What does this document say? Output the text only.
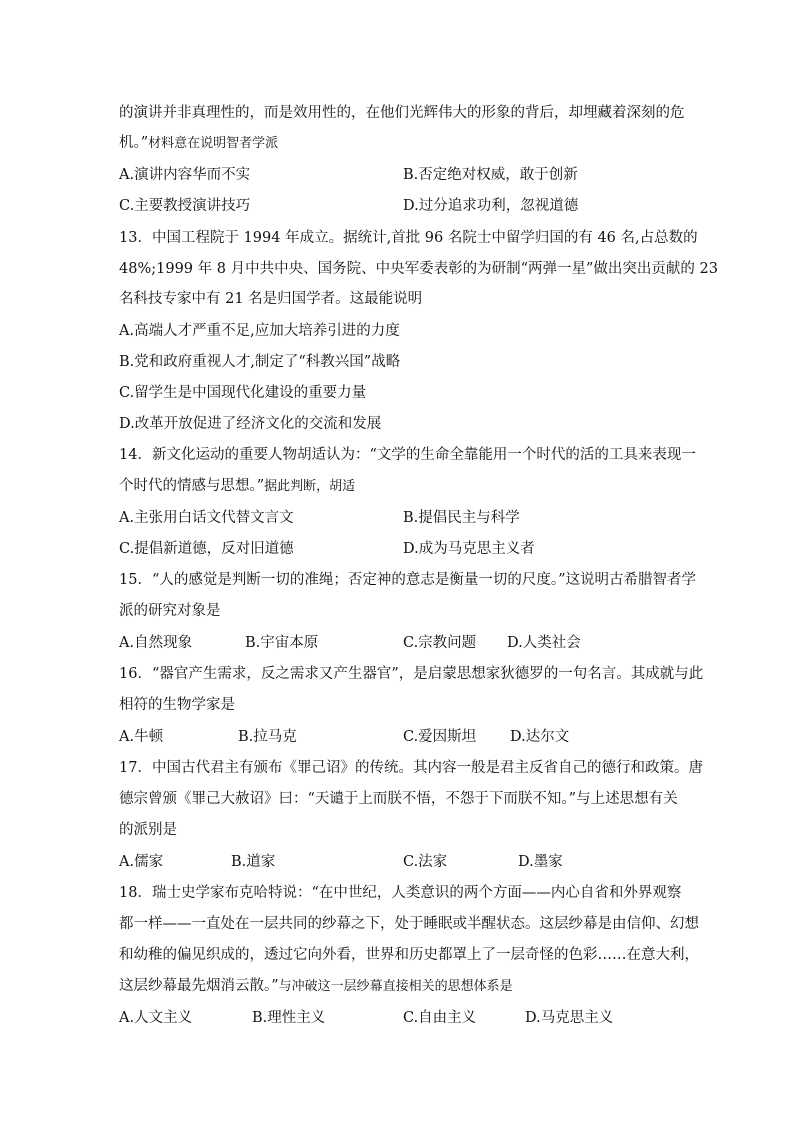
的演讲并非真理性的，而是效用性的，在他们光辉伟大的形象的背后，却埋藏着深刻的危
机。”材料意在说明智者学派
A.演讲内容华而不实	B.否定绝对权威，敢于创新
C.主要教授演讲技巧	D.过分追求功利，忽视道德
13．中国工程院于 1994 年成立。据统计,首批 96 名院士中留学归国的有 46 名,占总数的
48%;1999 年 8 月中共中央、国务院、中央军委表彰的为研制“两弹一星”做出突出贡献的 23
名科技专家中有 21 名是归国学者。这最能说明
A.高端人才严重不足,应加大培养引进的力度
B.党和政府重视人才,制定了“科教兴国”战略
C.留学生是中国现代化建设的重要力量
D.改革开放促进了经济文化的交流和发展
14．新文化运动的重要人物胡适认为：“文学的生命全靠能用一个时代的活的工具来表现一
个时代的情感与思想。”据此判断，胡适
A.主张用白话文代替文言文	B.提倡民主与科学
C.提倡新道德，反对旧道德	D.成为马克思主义者
15．“人的感觉是判断一切的准绳；否定神的意志是衡量一切的尺度。”这说明古希腊智者学
派的研究对象是
A.自然现象	B.宇宙本原	C.宗教问题 D.人类社会
16．“器官产生需求，反之需求又产生器官”，是启蒙思想家狄德罗的一句名言。其成就与此
相符的生物学家是
A.牛顿	B.拉马克	C.爱因斯坦 D.达尔文
17．中国古代君主有颁布《罪己诏》的传统。其内容一般是君主反省自己的德行和政策。唐
德宗曾颁《罪己大赦诏》曰：“天谴于上而朕不悟，不怨于下而朕不知。”与上述思想有关
的派别是
A.儒家	B.道家	C.法家	D.墨家
18．瑞士史学家布克哈特说：“在中世纪，人类意识的两个方面——内心自省和外界观察
都一样——一直处在一层共同的纱幕之下，处于睡眠或半醒状态。这层纱幕是由信仰、幻想
和幼稚的偏见织成的，透过它向外看，世界和历史都罩上了一层奇怪的色彩……在意大利，
这层纱幕最先烟消云散。”与冲破这一层纱幕直接相关的思想体系是
A.人文主义	B.理性主义	C.自由主义	D.马克思主义
